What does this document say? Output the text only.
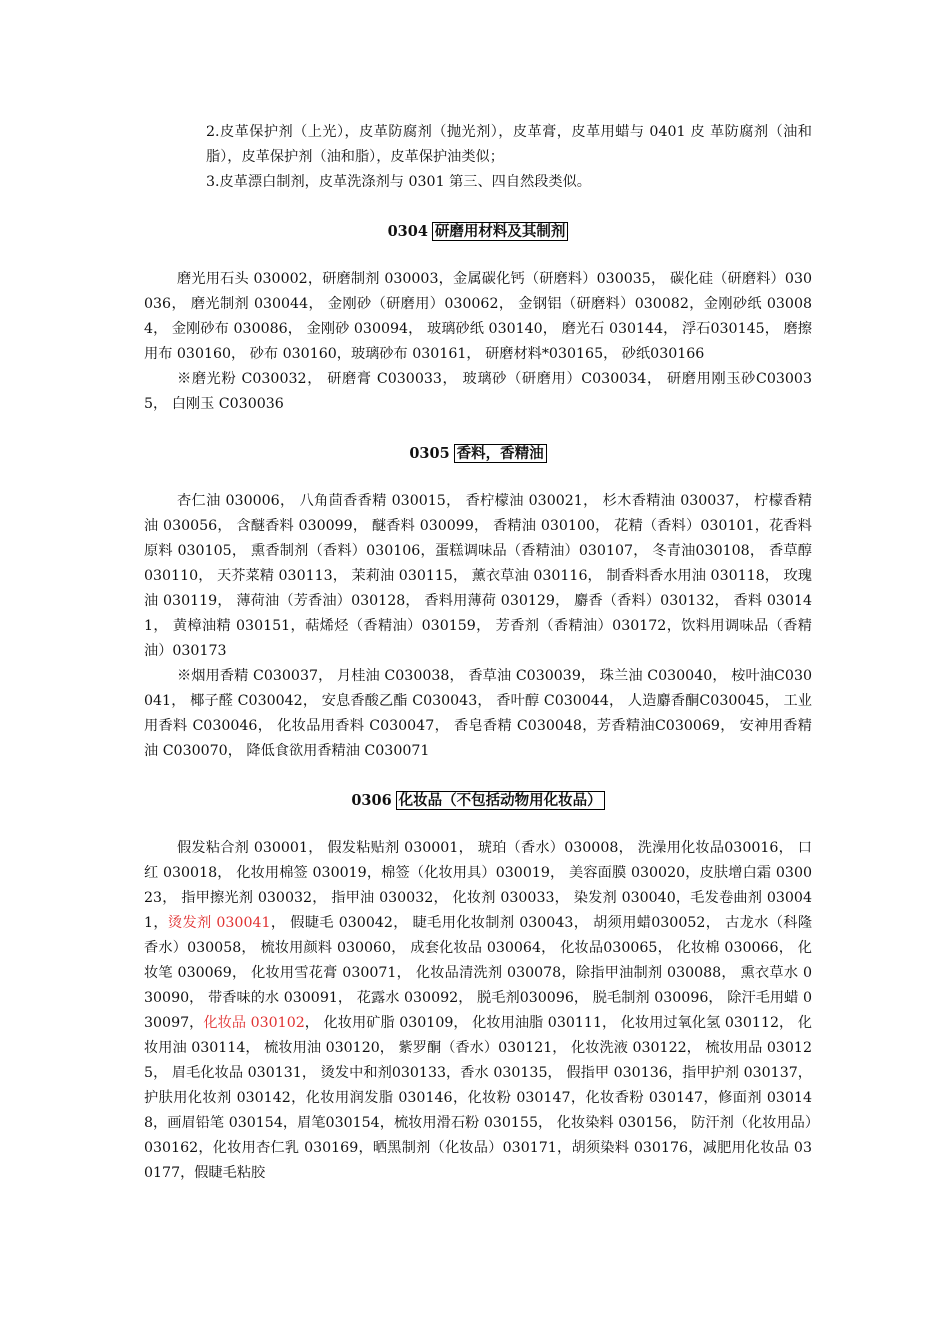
2.皮革保护剂（上光），皮革防腐剂（抛光剂），皮革膏，皮革用蜡与 0401 皮 革防腐剂（油和脂），皮革保护剂（油和脂），皮革保护油类似；

3.皮革漂白制剂，皮革洗涤剂与 0301 第三、四自然段类似。

0304 研磨用材料及其制剂

磨光用石头 030002，研磨制剂 030003，金属碳化钙（研磨料）030035， 碳化硅（研磨料）030036， 磨光制剂 030044， 金刚砂（研磨用）030062， 金钢铝（研磨料）030082，金刚砂纸 030084， 金刚砂布 030086， 金刚砂 030094， 玻璃砂纸 030140， 磨光石 030144， 浮石030145， 磨擦用布 030160， 砂布 030160，玻璃砂布 030161， 研磨材料*030165， 砂纸030166

※磨光粉 C030032， 研磨膏 C030033， 玻璃砂（研磨用）C030034， 研磨用刚玉砂C030035， 白刚玉 C030036

0305 香料，香精油

杏仁油 030006， 八角茴香香精 030015， 香柠檬油 030021， 杉木香精油 030037， 柠檬香精油 030056， 含醚香料 030099， 醚香料 030099， 香精油 030100， 花精（香料）030101，花香料原料 030105， 熏香制剂（香料）030106，蛋糕调味品（香精油）030107， 冬青油030108， 香草醇 030110， 天芥菜精 030113， 茉莉油 030115， 薰衣草油 030116， 制香料香水用油 030118， 玫瑰油 030119， 薄荷油（芳香油）030128， 香料用薄荷 030129， 麝香（香料）030132， 香料 030141， 黄樟油精 030151，萜烯烃（香精油）030159， 芳香剂（香精油）030172，饮料用调味品（香精油）030173

※烟用香精 C030037， 月桂油 C030038， 香草油 C030039， 珠兰油 C030040， 桉叶油C030041， 椰子醛 C030042， 安息香酸乙酯 C030043， 香叶醇 C030044， 人造麝香酮C030045， 工业用香料 C030046， 化妆品用香料 C030047， 香皂香精 C030048，芳香精油C030069， 安神用香精油 C030070， 降低食欲用香精油 C030071

0306 化妆品（不包括动物用化妆品）

假发粘合剂 030001， 假发粘贴剂 030001， 琥珀（香水）030008， 洗澡用化妆品030016， 口红 030018， 化妆用棉签 030019，棉签（化妆用具）030019， 美容面膜 030020，皮肤增白霜 030023， 指甲擦光剂 030032， 指甲油 030032， 化妆剂 030033， 染发剂 030040，毛发卷曲剂 030041，烫发剂 030041， 假睫毛 030042， 睫毛用化妆制剂 030043， 胡须用蜡030052， 古龙水（科隆香水）030058， 梳妆用颜料 030060， 成套化妆品 030064， 化妆品030065， 化妆棉 030066， 化妆笔 030069， 化妆用雪花膏 030071， 化妆品清洗剂 030078，除指甲油制剂 030088， 熏衣草水 030090， 带香味的水 030091， 花露水 030092， 脱毛剂030096， 脱毛制剂 030096， 除汗毛用蜡 030097，化妆品 030102， 化妆用矿脂 030109， 化妆用油脂 030111， 化妆用过氧化氢 030112， 化妆用油 030114， 梳妆用油 030120， 紫罗酮（香水）030121， 化妆洗液 030122， 梳妆用品 030125， 眉毛化妆品 030131， 烫发中和剂030133，香水 030135， 假指甲 030136，指甲护剂 030137，护肤用化妆剂 030142，化妆用润发脂 030146，化妆粉 030147，化妆香粉 030147，修面剂 030148，画眉铅笔 030154，眉笔030154，梳妆用滑石粉 030155， 化妆染料 030156， 防汗剂（化妆用品）030162，化妆用杏仁乳 030169，晒黑制剂（化妆品）030171，胡须染料 030176，减肥用化妆品 030177，假睫毛粘胶
